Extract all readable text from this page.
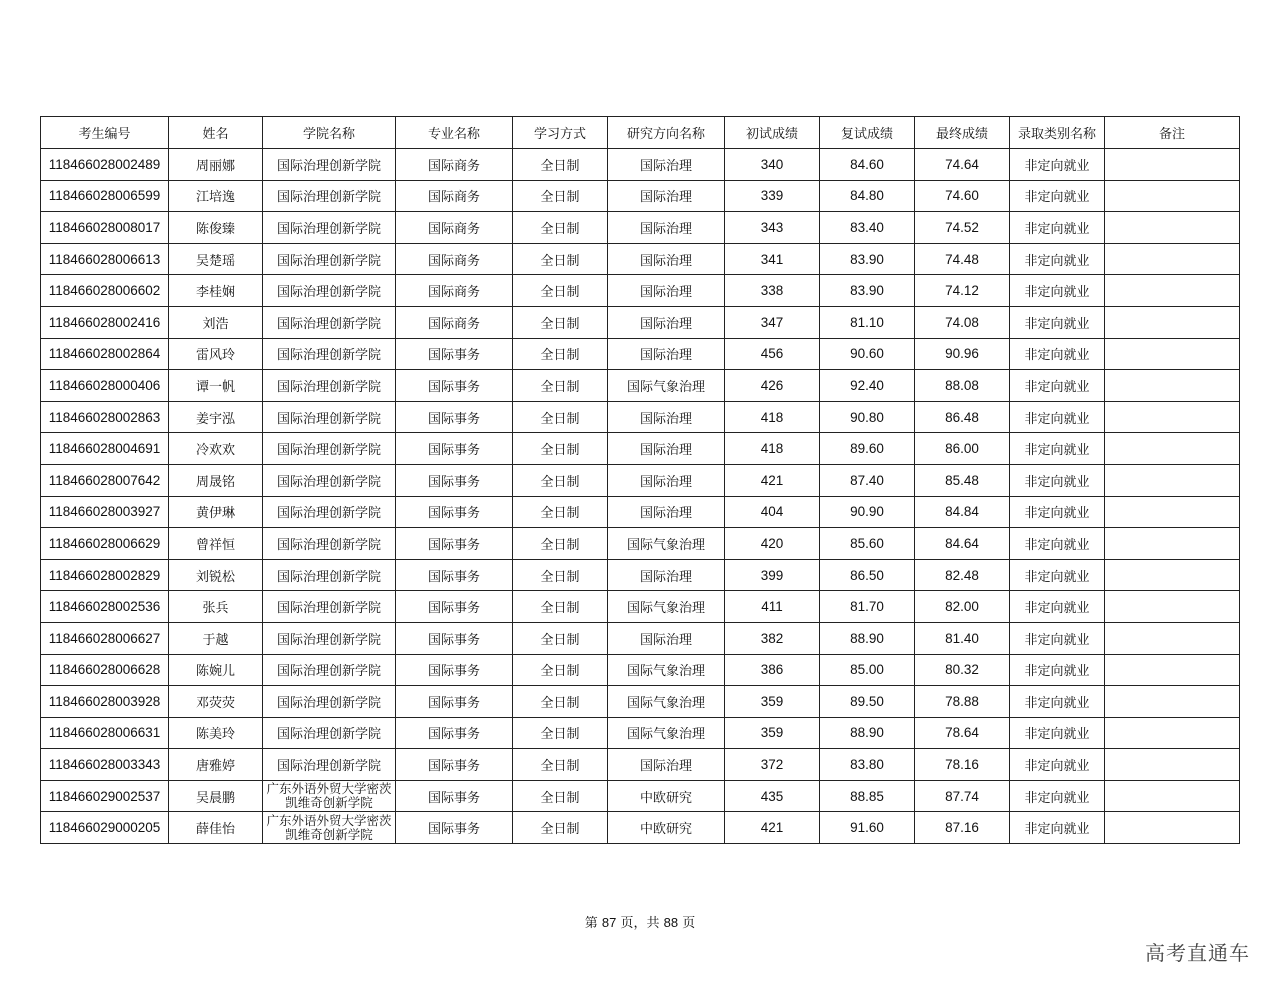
考生编号	姓名	学院名称	专业名称	学习方式	研究方向名称	初试成绩	复试成绩	最终成绩	录取类别名称	备注
118466028002489	周丽娜	国际治理创新学院	国际商务	全日制	国际治理	340	84.60	74.64	非定向就业	
118466028006599	江培逸	国际治理创新学院	国际商务	全日制	国际治理	339	84.80	74.60	非定向就业	
118466028008017	陈俊臻	国际治理创新学院	国际商务	全日制	国际治理	343	83.40	74.52	非定向就业	
118466028006613	吴楚瑶	国际治理创新学院	国际商务	全日制	国际治理	341	83.90	74.48	非定向就业	
118466028006602	李桂娴	国际治理创新学院	国际商务	全日制	国际治理	338	83.90	74.12	非定向就业	
118466028002416	刘浩	国际治理创新学院	国际商务	全日制	国际治理	347	81.10	74.08	非定向就业	
118466028002864	雷风玲	国际治理创新学院	国际事务	全日制	国际治理	456	90.60	90.96	非定向就业	
118466028000406	谭一帆	国际治理创新学院	国际事务	全日制	国际气象治理	426	92.40	88.08	非定向就业	
118466028002863	姜宇泓	国际治理创新学院	国际事务	全日制	国际治理	418	90.80	86.48	非定向就业	
118466028004691	冷欢欢	国际治理创新学院	国际事务	全日制	国际治理	418	89.60	86.00	非定向就业	
118466028007642	周晟铭	国际治理创新学院	国际事务	全日制	国际治理	421	87.40	85.48	非定向就业	
118466028003927	黄伊琳	国际治理创新学院	国际事务	全日制	国际治理	404	90.90	84.84	非定向就业	
118466028006629	曾祥恒	国际治理创新学院	国际事务	全日制	国际气象治理	420	85.60	84.64	非定向就业	
118466028002829	刘锐松	国际治理创新学院	国际事务	全日制	国际治理	399	86.50	82.48	非定向就业	
118466028002536	张兵	国际治理创新学院	国际事务	全日制	国际气象治理	411	81.70	82.00	非定向就业	
118466028006627	于越	国际治理创新学院	国际事务	全日制	国际治理	382	88.90	81.40	非定向就业	
118466028006628	陈婉儿	国际治理创新学院	国际事务	全日制	国际气象治理	386	85.00	80.32	非定向就业	
118466028003928	邓荧荧	国际治理创新学院	国际事务	全日制	国际气象治理	359	89.50	78.88	非定向就业	
118466028006631	陈美玲	国际治理创新学院	国际事务	全日制	国际气象治理	359	88.90	78.64	非定向就业	
118466028003343	唐雅婷	国际治理创新学院	国际事务	全日制	国际治理	372	83.80	78.16	非定向就业	
118466029002537	吴晨鹏	广东外语外贸大学密茨凯维奇创新学院	国际事务	全日制	中欧研究	435	88.85	87.74	非定向就业	
118466029000205	薛佳怡	广东外语外贸大学密茨凯维奇创新学院	国际事务	全日制	中欧研究	421	91.60	87.16	非定向就业	
第 87 页，共 88 页
高考直通车
